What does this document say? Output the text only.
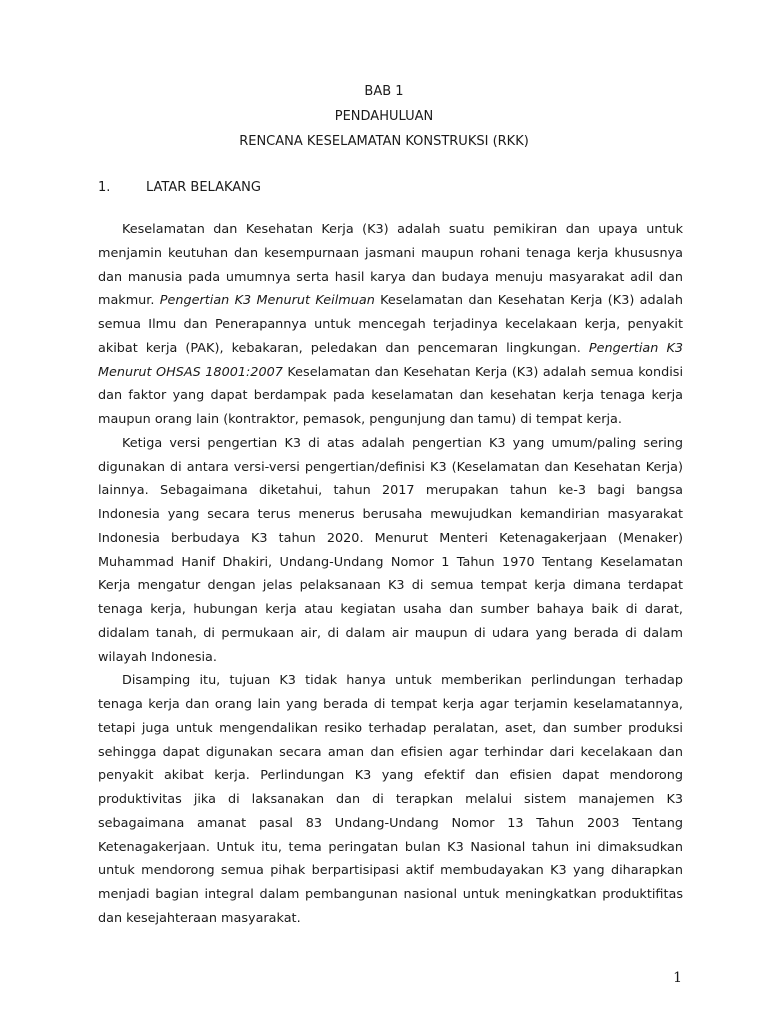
BAB 1
PENDAHULUAN
RENCANA KESELAMATAN KONSTRUKSI (RKK)
1.	LATAR BELAKANG

Keselamatan dan Kesehatan Kerja (K3) adalah suatu pemikiran dan upaya untuk menjamin keutuhan dan kesempurnaan jasmani maupun rohani tenaga kerja khususnya dan manusia pada umumnya serta hasil karya dan budaya menuju masyarakat adil dan makmur. Pengertian K3 Menurut Keilmuan Keselamatan dan Kesehatan Kerja (K3) adalah semua Ilmu dan Penerapannya untuk mencegah terjadinya kecelakaan kerja, penyakit akibat kerja (PAK), kebakaran, peledakan dan pencemaran lingkungan. Pengertian K3 Menurut OHSAS 18001:2007 Keselamatan dan Kesehatan Kerja (K3) adalah semua kondisi dan faktor yang dapat berdampak pada keselamatan dan kesehatan kerja tenaga kerja maupun orang lain (kontraktor, pemasok, pengunjung dan tamu) di tempat kerja.

Ketiga versi pengertian K3 di atas adalah pengertian K3 yang umum/paling sering digunakan di antara versi-versi pengertian/definisi K3 (Keselamatan dan Kesehatan Kerja) lainnya. Sebagaimana diketahui, tahun 2017 merupakan tahun ke-3 bagi bangsa Indonesia yang secara terus menerus berusaha mewujudkan kemandirian masyarakat Indonesia berbudaya K3 tahun 2020. Menurut Menteri Ketenagakerjaan (Menaker) Muhammad Hanif Dhakiri, Undang-Undang Nomor 1 Tahun 1970 Tentang Keselamatan Kerja mengatur dengan jelas pelaksanaan K3 di semua tempat kerja dimana terdapat tenaga kerja, hubungan kerja atau kegiatan usaha dan sumber bahaya baik di darat, didalam tanah, di permukaan air, di dalam air maupun di udara yang berada di dalam wilayah Indonesia.

Disamping itu, tujuan K3 tidak hanya untuk memberikan perlindungan terhadap tenaga kerja dan orang lain yang berada di tempat kerja agar terjamin keselamatannya, tetapi juga untuk mengendalikan resiko terhadap peralatan, aset, dan sumber produksi sehingga dapat digunakan secara aman dan efisien agar terhindar dari kecelakaan dan penyakit akibat kerja. Perlindungan K3 yang efektif dan efisien dapat mendorong produktivitas jika di laksanakan dan di terapkan melalui sistem manajemen K3 sebagaimana amanat pasal 83 Undang-Undang Nomor 13 Tahun 2003 Tentang Ketenagakerjaan. Untuk itu, tema peringatan bulan K3 Nasional tahun ini dimaksudkan untuk mendorong semua pihak berpartisipasi aktif membudayakan K3 yang diharapkan menjadi bagian integral dalam pembangunan nasional untuk meningkatkan produktifitas dan kesejahteraan masyarakat.

1
